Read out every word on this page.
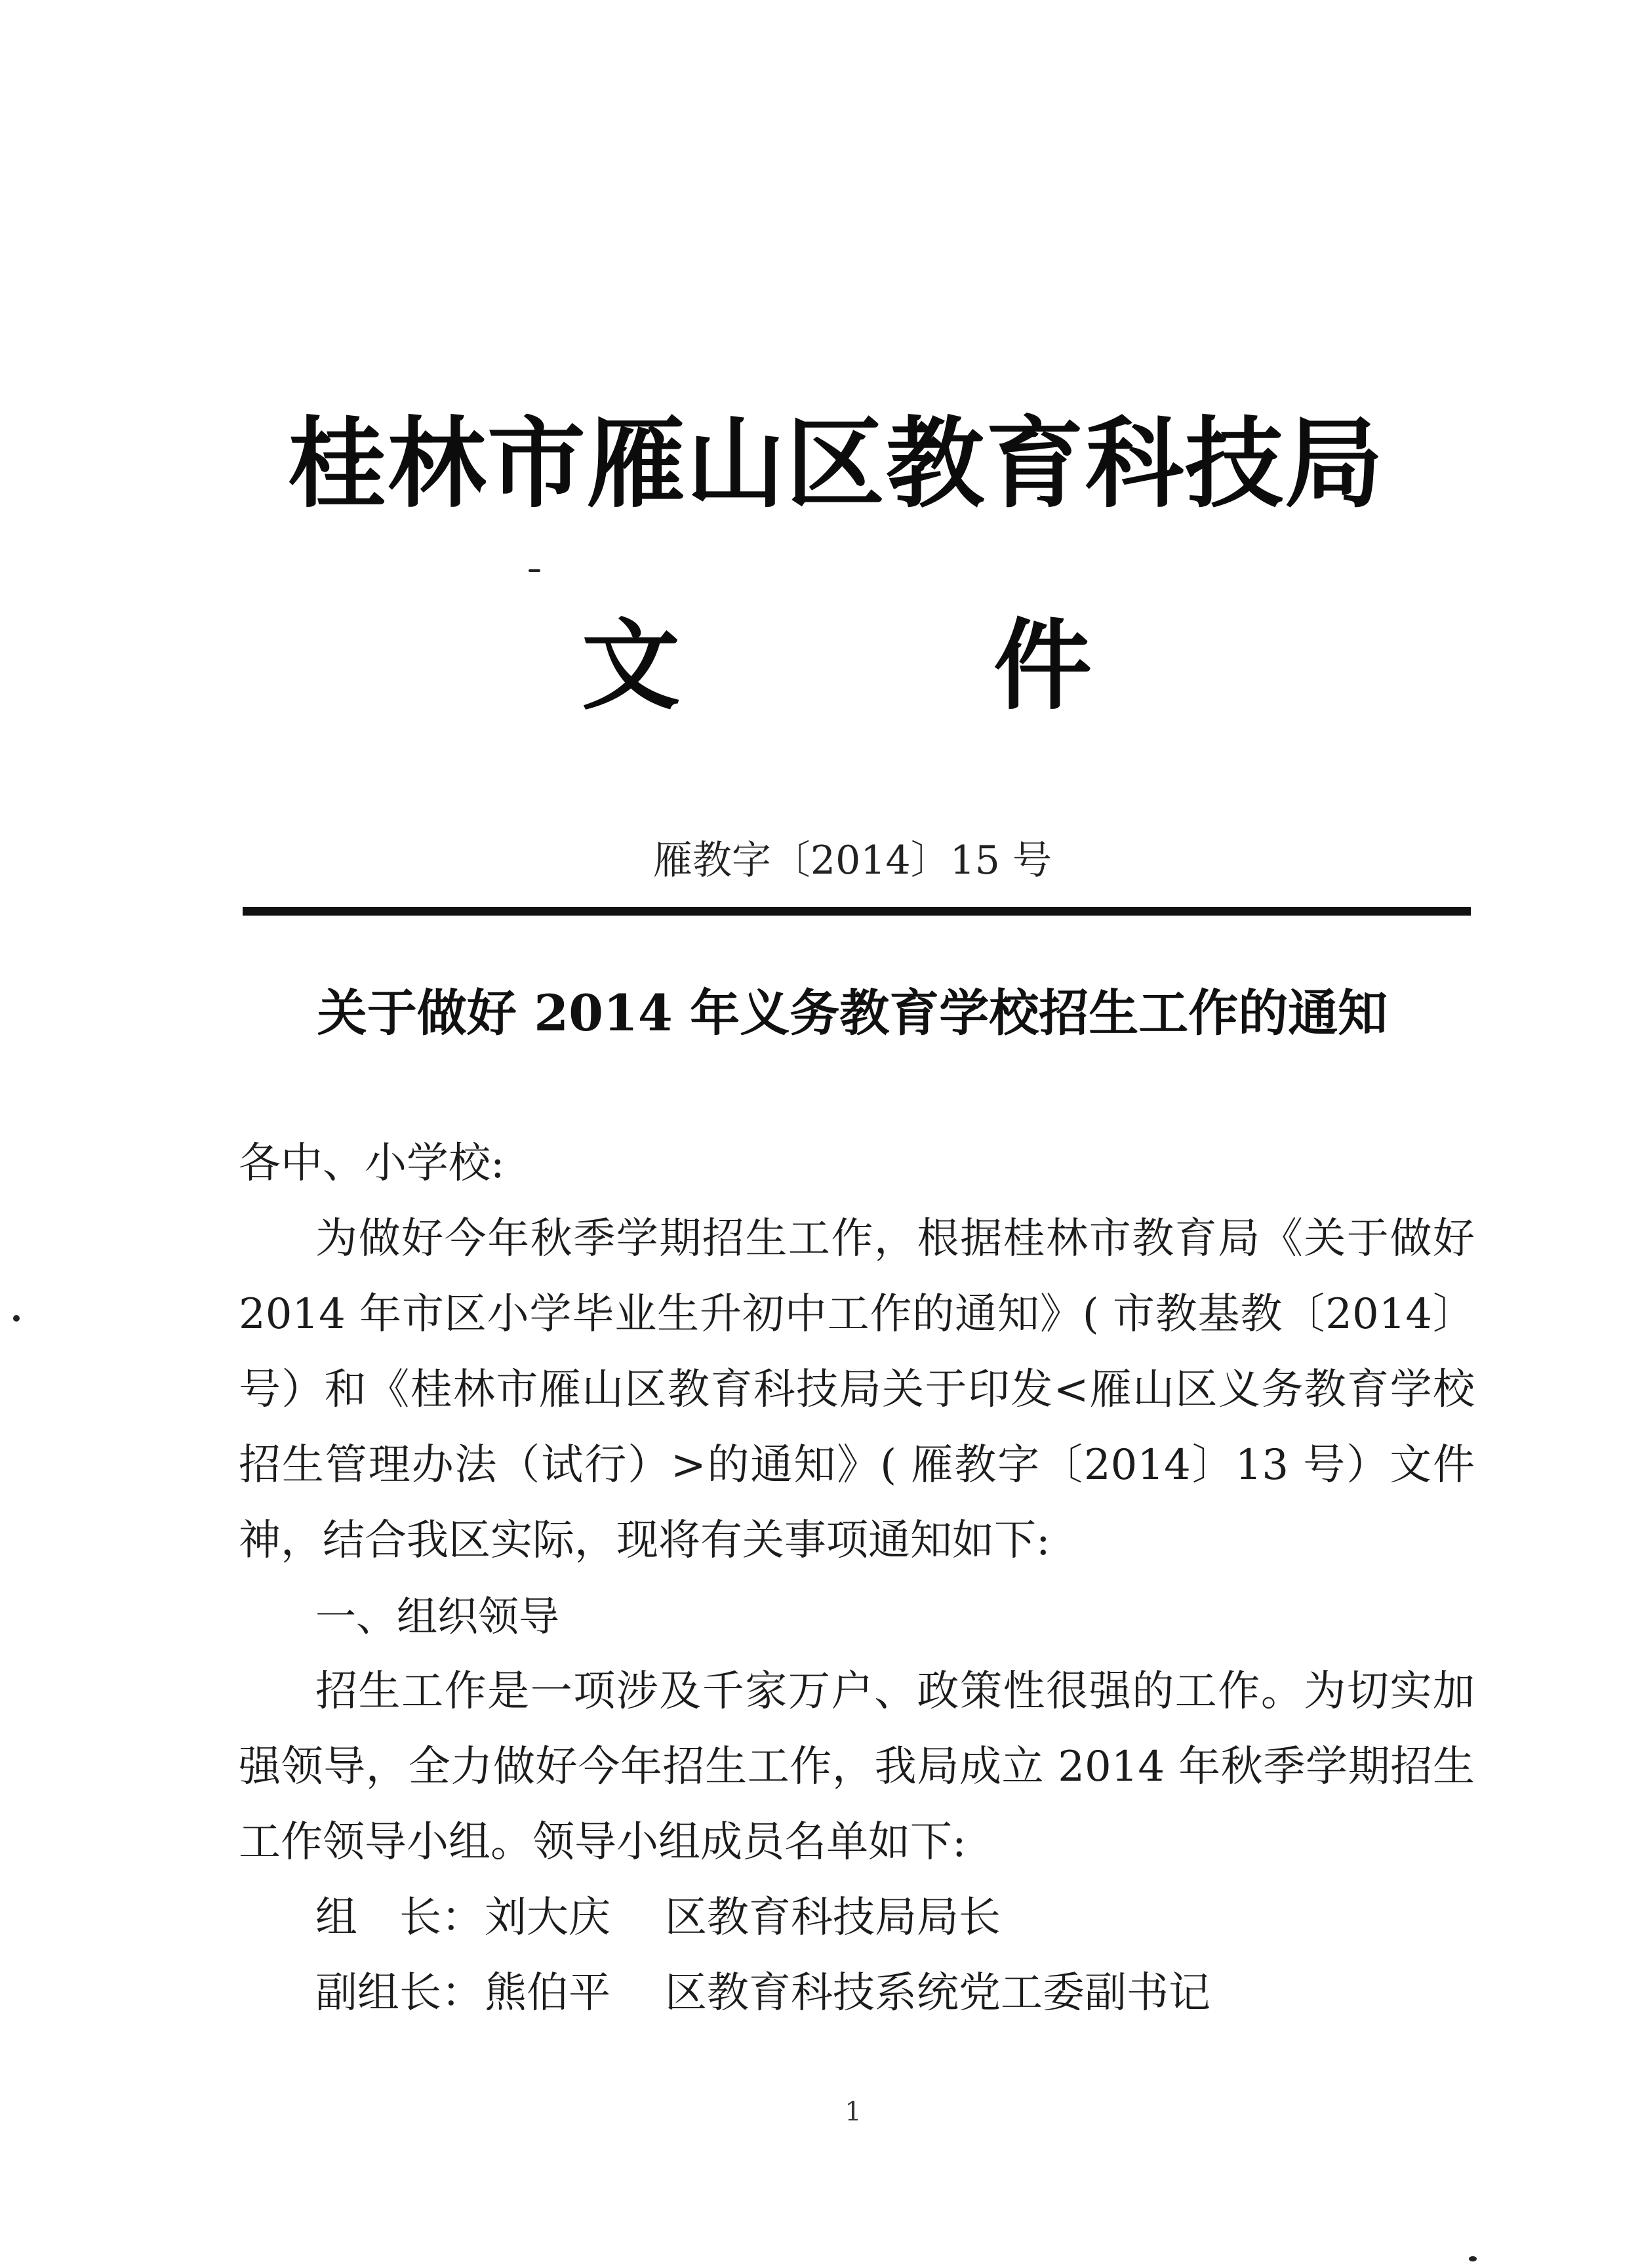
桂林市雁山区教育科技局
文	件
雁教字〔2014〕15 号
关于做好 2014 年义务教育学校招生工作的通知
各中、小学校:
为做好今年秋季学期招生工作，根据桂林市教育局《关于做好
2014 年市区小学毕业生升初中工作的通知》( 市教基教〔2014〕
号）和《桂林市雁山区教育科技局关于印发<雁山区义务教育学校
招生管理办法（试行）>的通知》( 雁教字〔2014〕13 号）文件
神，结合我区实际，现将有关事项通知如下:
一、组织领导
招生工作是一项涉及千家万户、政策性很强的工作。为切实加
强领导，全力做好今年招生工作，我局成立 2014 年秋季学期招生
工作领导小组。领导小组成员名单如下:
组　长： 刘大庆 区教育科技局局长
副组长： 熊伯平 区教育科技系统党工委副书记
1
